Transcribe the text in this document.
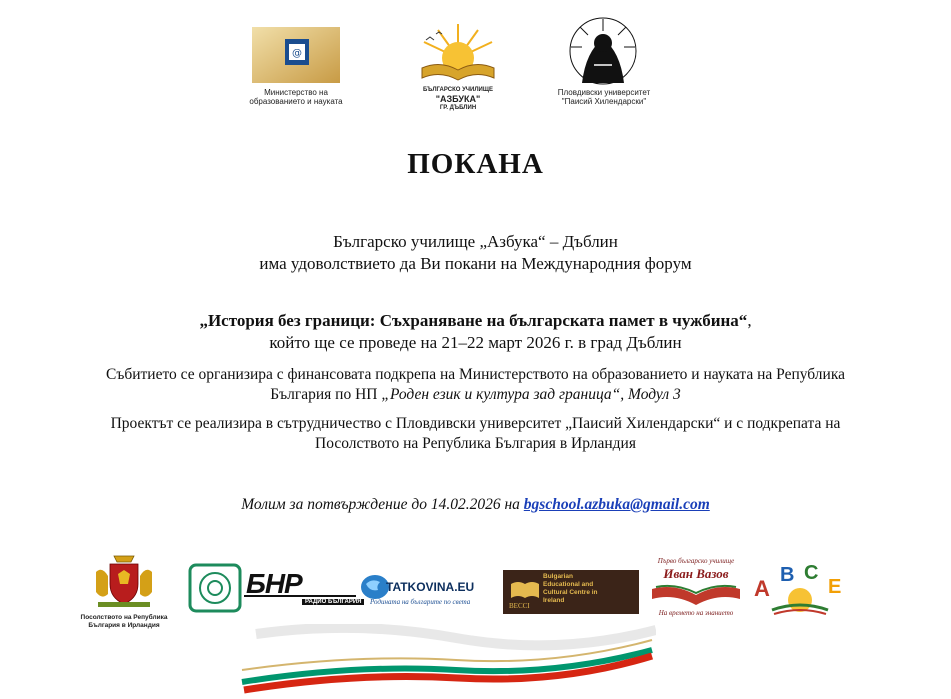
@
Министерство на
образованието и науката
БЪЛГАРСКО УЧИЛИЩЕ
"АЗБУКА"
ГР. ДЪБЛИН
Пловдивски университет
"Паисий Хилендарски"
ПОКАНА
Българско училище „Азбука“ – Дъблин
има удоволствието да Ви покани на Международния форум
„История без граници: Съхраняване на българската памет в чужбина“,
който ще се проведе на 21–22 март 2026 г. в град Дъблин
Събитието се организира с финансовата подкрепа на Министерството на образованието и науката на Република
България по НП „Роден език и култура зад граница“, Модул 3
Проектът се реализира в сътрудничество с Пловдивски университет „Паисий Хилендарски“ и с подкрепата на
Посолството на Република България в Ирландия
Молим за потвърждение до 14.02.2026 на bgschool.azbuka@gmail.com
Посолството на Република
България в Ирландия
БНР
РАДИО БЪЛГАРИЯ
TATKOVINA.EU
Родината на българите по света	BECCI
Bulgarian
Educational and
Cultural Centre in
Ireland
Първо българско училище
Иван Вазов
На времето на знанието
A
B C
E
